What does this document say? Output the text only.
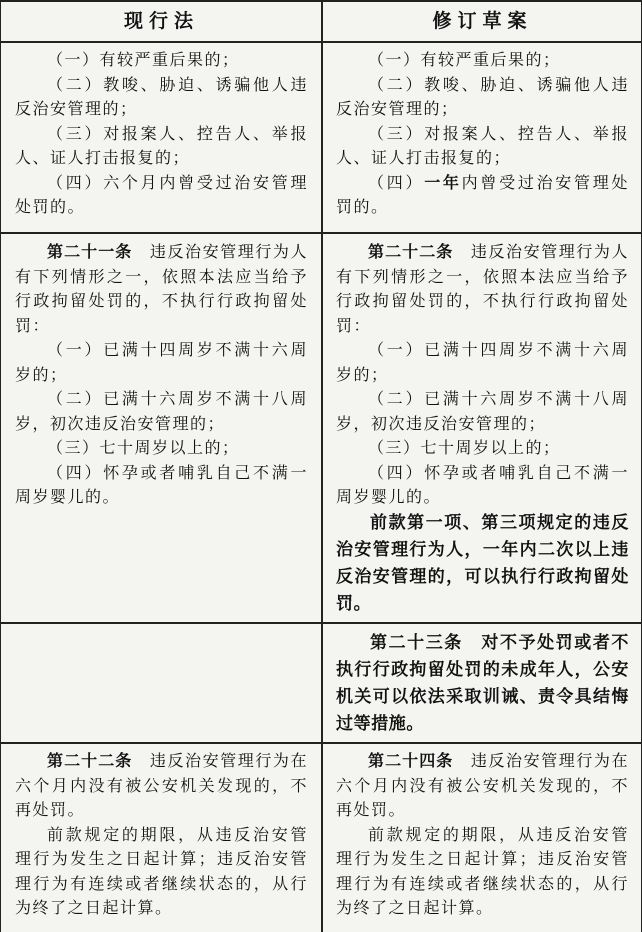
现行法	修订草案

（一）有较严重后果的；

（二）教唆、胁迫、诱骗他人违反治安管理的；

（三）对报案人、控告人、举报人、证人打击报复的；

（四）六个月内曾受过治安管理处罚的。

（一）有较严重后果的；

（二）教唆、胁迫、诱骗他人违反治安管理的；

（三）对报案人、控告人、举报人、证人打击报复的；

（四）一年内曾受过治安管理处罚的。

第二十一条　 违反治安管理行为人有下列情形之一，依照本法应当给予行政拘留处罚的，不执行行政拘留处罚：

（一）已满十四周岁不满十六周岁的；

（二）已满十六周岁不满十八周岁，初次违反治安管理的；

（三）七十周岁以上的；

（四）怀孕或者哺乳自己不满一周岁婴儿的。

第二十二条　 违反治安管理行为人有下列情形之一，依照本法应当给予行政拘留处罚的，不执行行政拘留处罚：

（一）已满十四周岁不满十六周岁的；

（二）已满十六周岁不满十八周岁，初次违反治安管理的；

（三）七十周岁以上的；

（四）怀孕或者哺乳自己不满一周岁婴儿的。

前款第一项、第三项规定的违反治安管理行为人，一年内二次以上违反治安管理的，可以执行行政拘留处罚。

第二十三条　对不予处罚或者不执行行政拘留处罚的未成年人，公安机关可以依法采取训诫、责令具结悔过等措施。

第二十二条　 违反治安管理行为在六个月内没有被公安机关发现的，不再处罚。

前款规定的期限，从违反治安管理行为发生之日起计算；违反治安管理行为有连续或者继续状态的，从行为终了之日起计算。

第二十四条　 违反治安管理行为在六个月内没有被公安机关发现的，不再处罚。

前款规定的期限，从违反治安管理行为发生之日起计算；违反治安管理行为有连续或者继续状态的，从行为终了之日起计算。
